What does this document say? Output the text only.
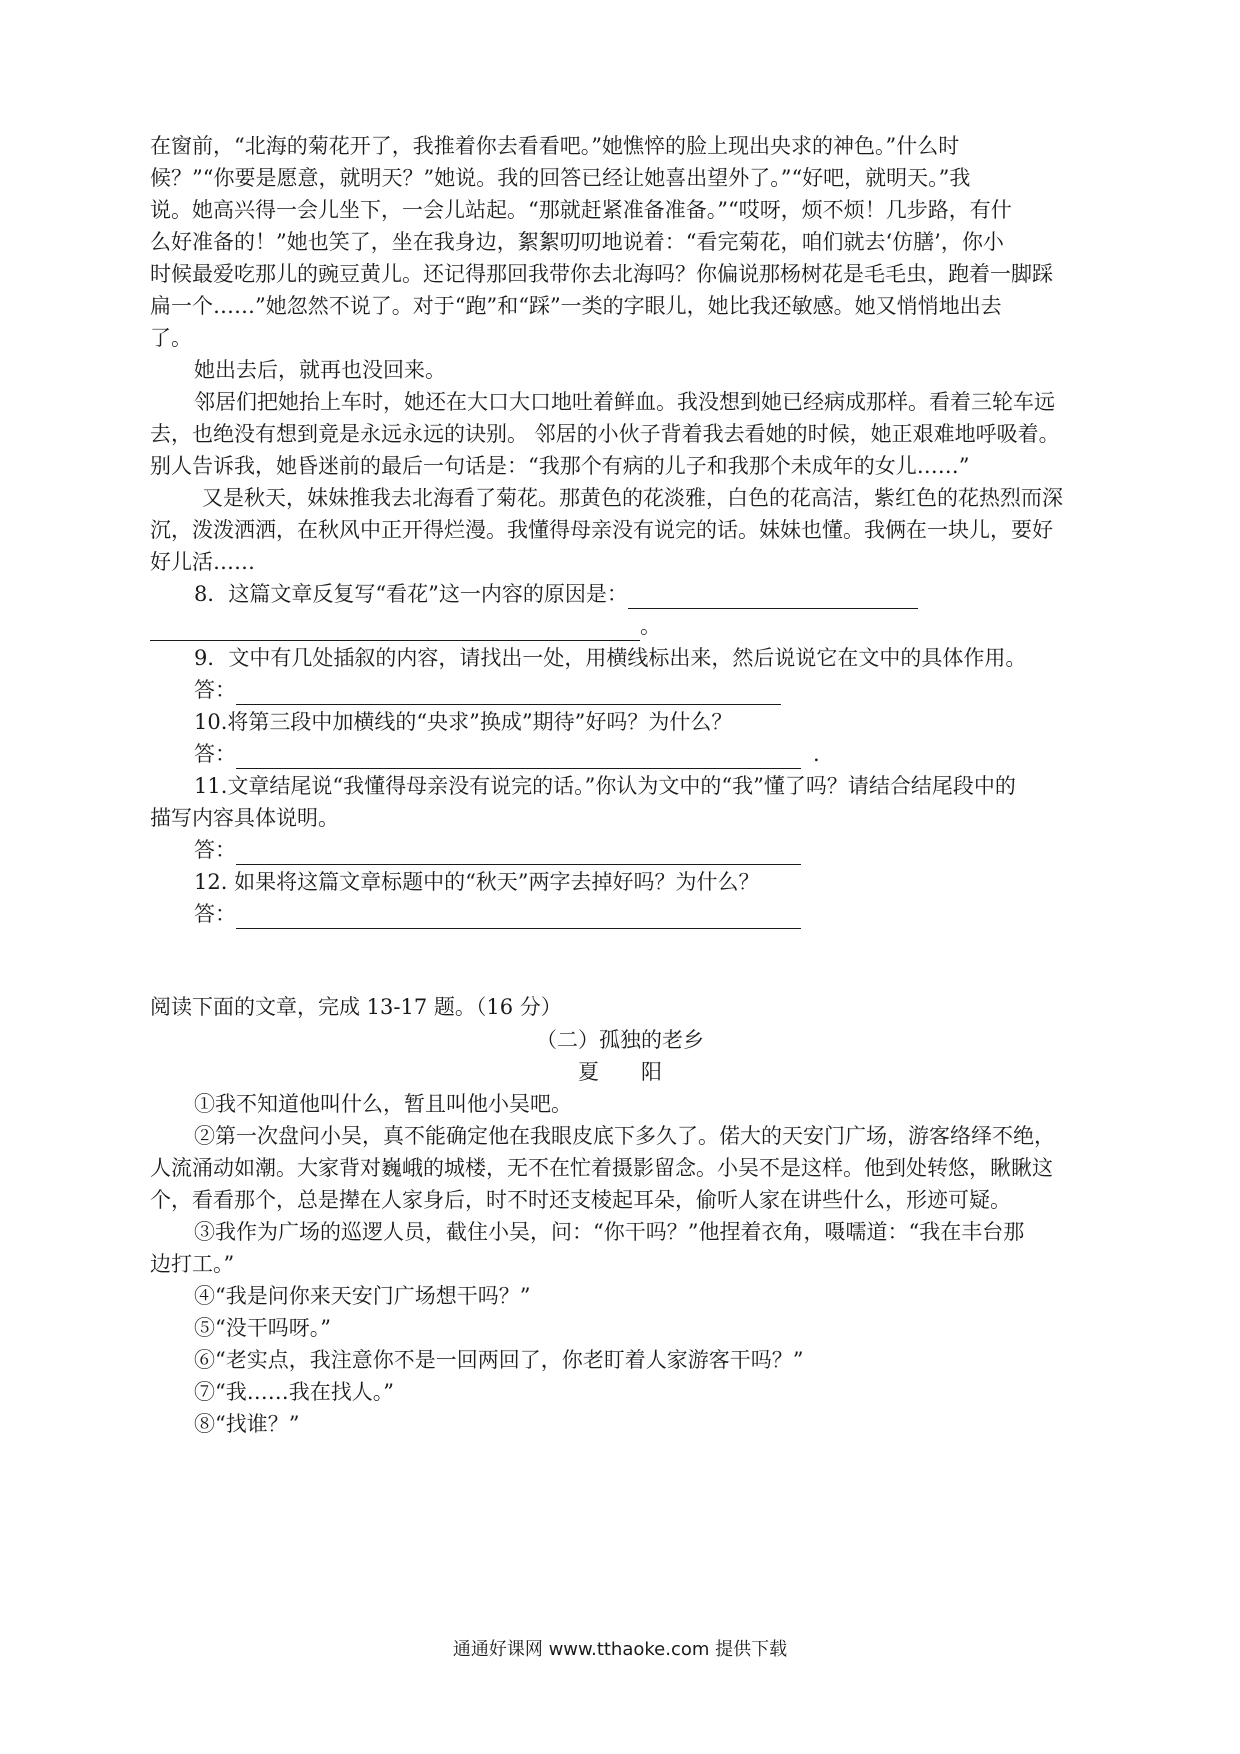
在窗前，“北海的菊花开了，我推着你去看看吧。”她憔悴的脸上现出央求的神色。”什么时
候？”“你要是愿意，就明天？”她说。我的回答已经让她喜出望外了。”“好吧，就明天。”我
说。她高兴得一会儿坐下，一会儿站起。“那就赶紧准备准备。”“哎呀，烦不烦！几步路，有什
么好准备的！”她也笑了，坐在我身边，絮絮叨叨地说着：“看完菊花，咱们就去‘仿膳’，你小
时候最爱吃那儿的豌豆黄儿。还记得那回我带你去北海吗？你偏说那杨树花是毛毛虫，跑着一脚踩
扁一个……”她忽然不说了。对于“跑”和“踩”一类的字眼儿，她比我还敏感。她又悄悄地出去
了。
她出去后，就再也没回来。
邻居们把她抬上车时，她还在大口大口地吐着鲜血。我没想到她已经病成那样。看着三轮车远
去，也绝没有想到竟是永远永远的诀别。 邻居的小伙子背着我去看她的时候，她正艰难地呼吸着。
别人告诉我，她昏迷前的最后一句话是：“我那个有病的儿子和我那个未成年的女儿……”
又是秋天，妹妹推我去北海看了菊花。那黄色的花淡雅，白色的花高洁，紫红色的花热烈而深
沉，泼泼洒洒，在秋风中正开得烂漫。我懂得母亲没有说完的话。妹妹也懂。我俩在一块儿，要好
好儿活……
8．这篇文章反复写“看花”这一内容的原因是：
。
9．文中有几处插叙的内容，请找出一处，用横线标出来，然后说说它在文中的具体作用。
答：
10.将第三段中加横线的“央求”换成”期待”好吗？为什么？
答：	.
11.文章结尾说“我懂得母亲没有说完的话。”你认为文中的“我”懂了吗？请结合结尾段中的
描写内容具体说明。
答：
12. 如果将这篇文章标题中的“秋天”两字去掉好吗？为什么？
答：
阅读下面的文章，完成 13-17 题。（16 分）
（二）孤独的老乡
夏　　阳
①我不知道他叫什么，暂且叫他小吴吧。
②第一次盘问小吴，真不能确定他在我眼皮底下多久了。偌大的天安门广场，游客络绎不绝，
人流涌动如潮。大家背对巍峨的城楼，无不在忙着摄影留念。小吴不是这样。他到处转悠，瞅瞅这
个，看看那个，总是撵在人家身后，时不时还支棱起耳朵，偷听人家在讲些什么，形迹可疑。
③我作为广场的巡逻人员，截住小吴，问：“你干吗？”他捏着衣角，嗫嚅道：“我在丰台那
边打工。”
④“我是问你来天安门广场想干吗？”
⑤“没干吗呀。”
⑥“老实点，我注意你不是一回两回了，你老盯着人家游客干吗？”
⑦“我……我在找人。”
⑧“找谁？”
通通好课网 www.tthaoke.com 提供下载
